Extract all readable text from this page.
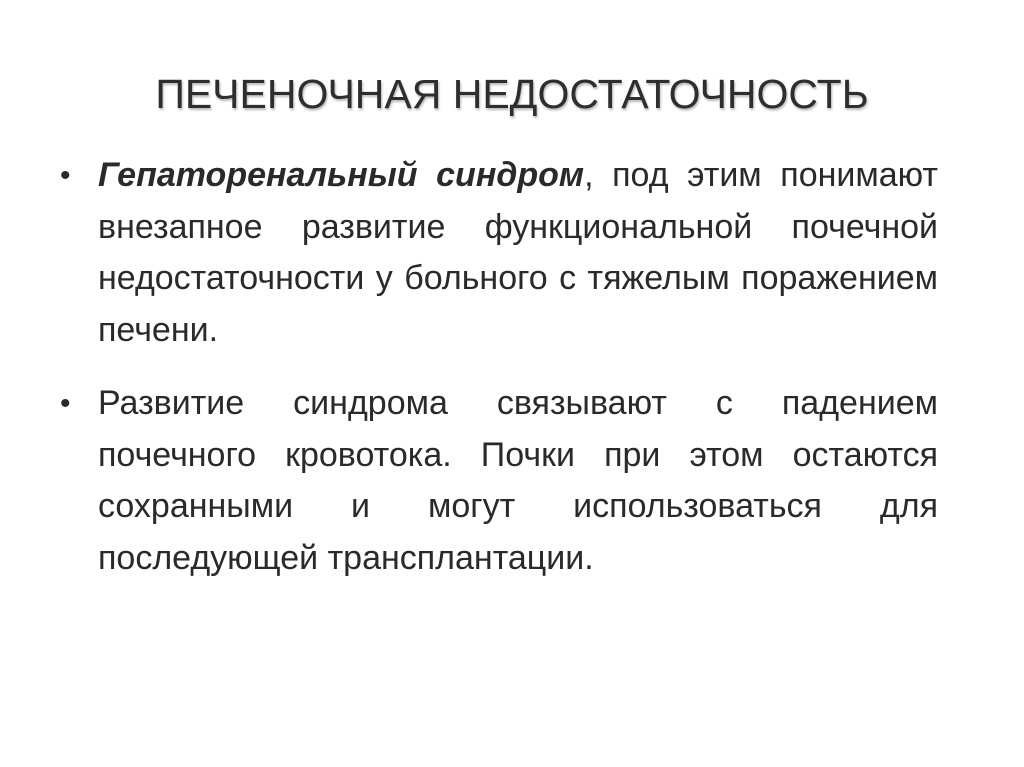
ПЕЧЕНОЧНАЯ НЕДОСТАТОЧНОСТЬ
• Гепаторенальный синдром, под этим понимают внезапное развитие функциональной почечной недостаточности у больного с тяжелым поражением печени.
• Развитие синдрома связывают с падением почечного кровотока. Почки при этом остаются сохранными и могут использоваться для последующей трансплантации.
